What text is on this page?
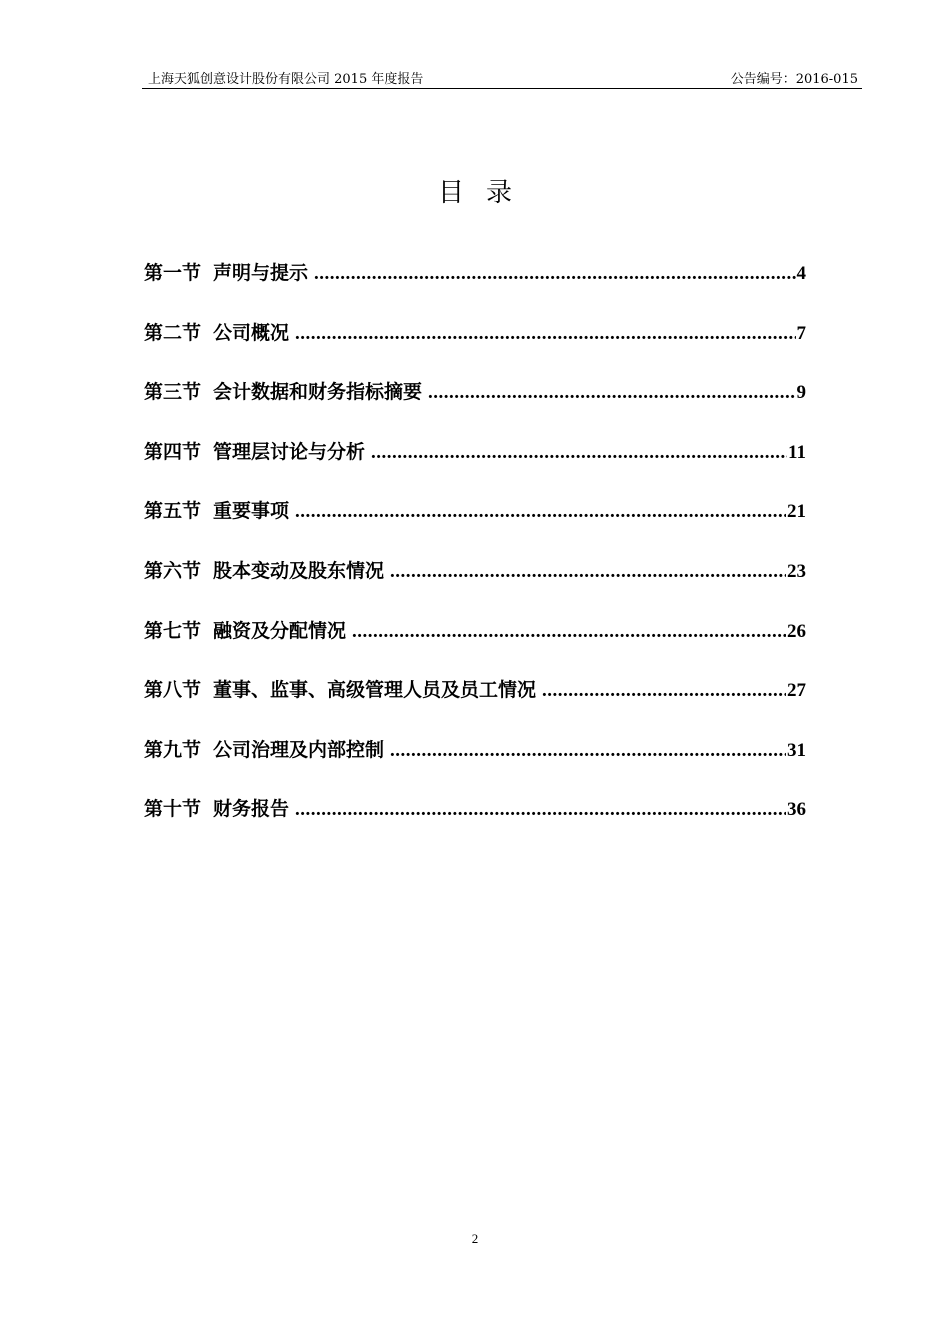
上海天狐创意设计股份有限公司 2015 年度报告	公告编号：2016-015
目录
第一节 声明与提示 .....	4
第二节 公司概况 .....	7
第三节 会计数据和财务指标摘要 .....	9
第四节 管理层讨论与分析 .....	11
第五节 重要事项 .....	21
第六节 股本变动及股东情况 .....	23
第七节 融资及分配情况 .....	26
第八节 董事、监事、高级管理人员及员工情况 .....	27
第九节 公司治理及内部控制 .....	31
第十节 财务报告 .....	36
2
